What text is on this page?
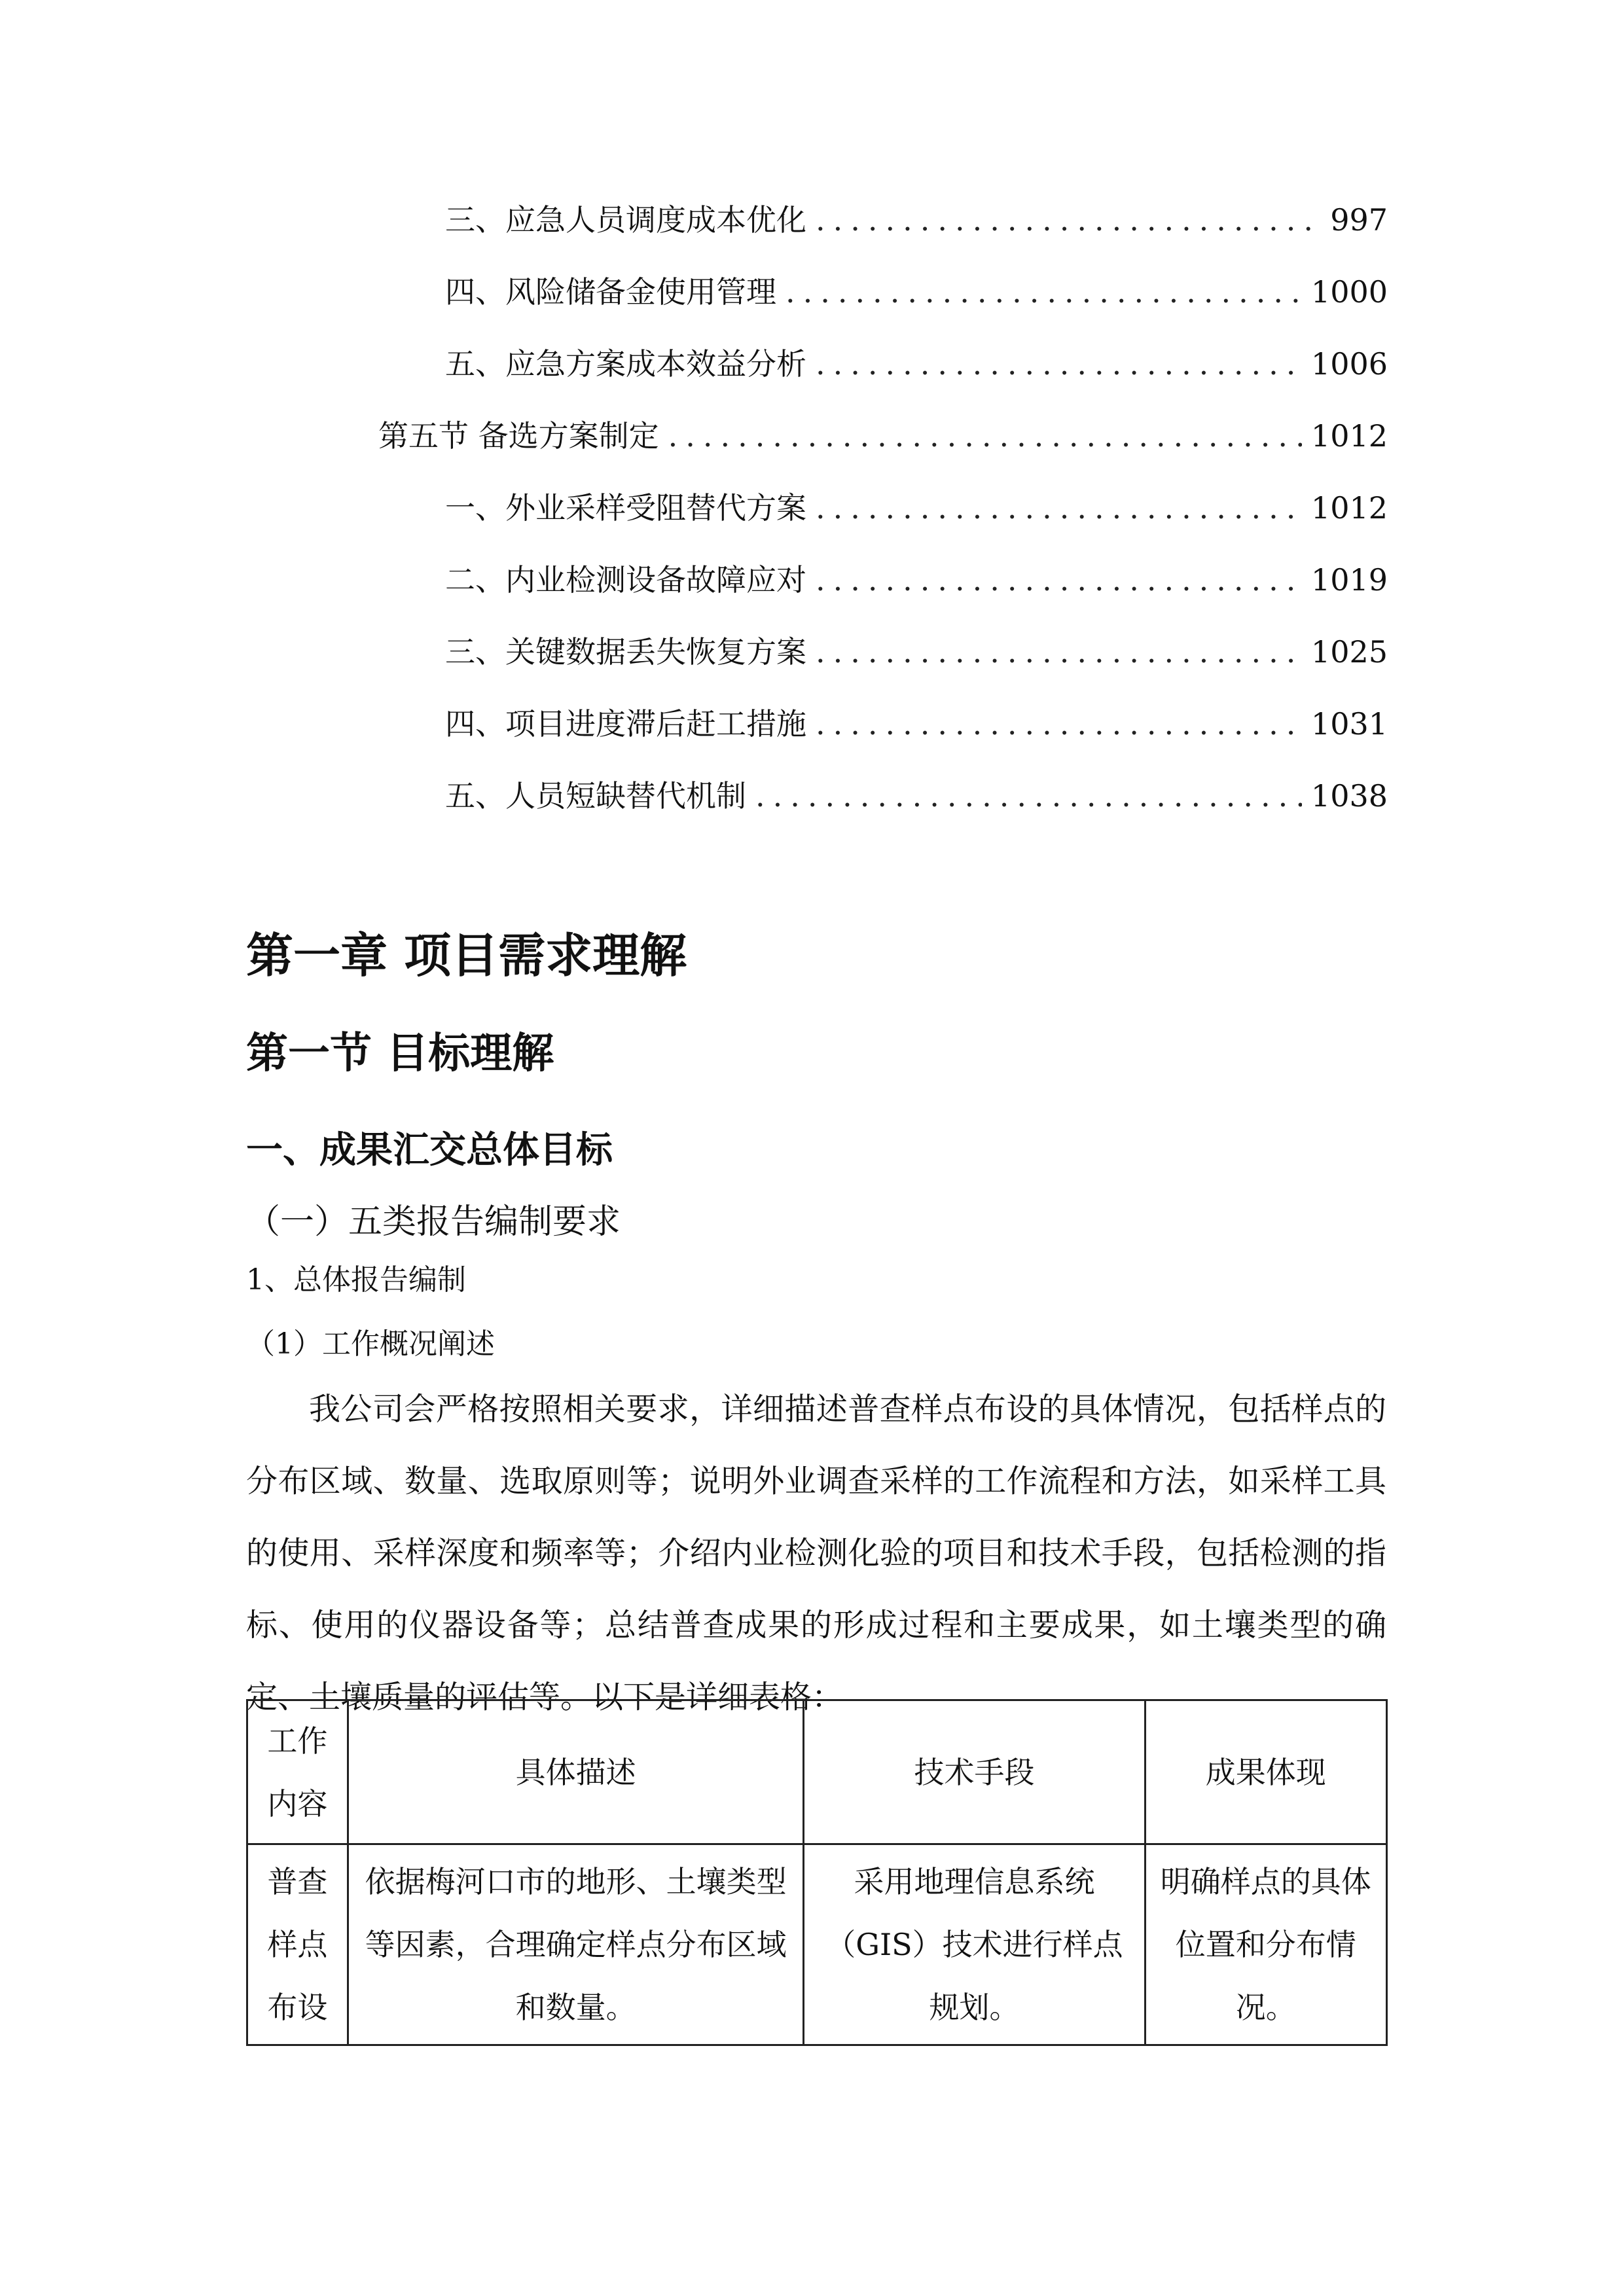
三、 应急人员调度成本优化 .....	997
四、 风险储备金使用管理 .....	1000
五、 应急方案成本效益分析 .....	1006
第五节 备选方案制定 .....	1012
一、 外业采样受阻替代方案 .....	1012
二、 内业检测设备故障应对 .....	1019
三、 关键数据丢失恢复方案 .....	1025
四、 项目进度滞后赶工措施 .....	1031
五、 人员短缺替代机制 .....	1038
第一章 项目需求理解
第一节 目标理解
一、成果汇交总体目标
（一）五类报告编制要求
1、总体报告编制
（1）工作概况阐述
我公司会严格按照相关要求，详细描述普查样点布设的具体情况，包括样点的分布区域、数量、选取原则等；说明外业调查采样的工作流程和方法，如采样工具的使用、采样深度和频率等；介绍内业检测化验的项目和技术手段，包括检测的指标、使用的仪器设备等；总结普查成果的形成过程和主要成果，如土壤类型的确定、土壤质量的评估等。以下是详细表格：
工作内容	具体描述	技术手段	成果体现
普查样点布设	依据梅河口市的地形、土壤类型等因素，合理确定样点分布区域和数量。	采用地理信息系统（GIS）技术进行样点规划。	明确样点的具体位置和分布情况。
